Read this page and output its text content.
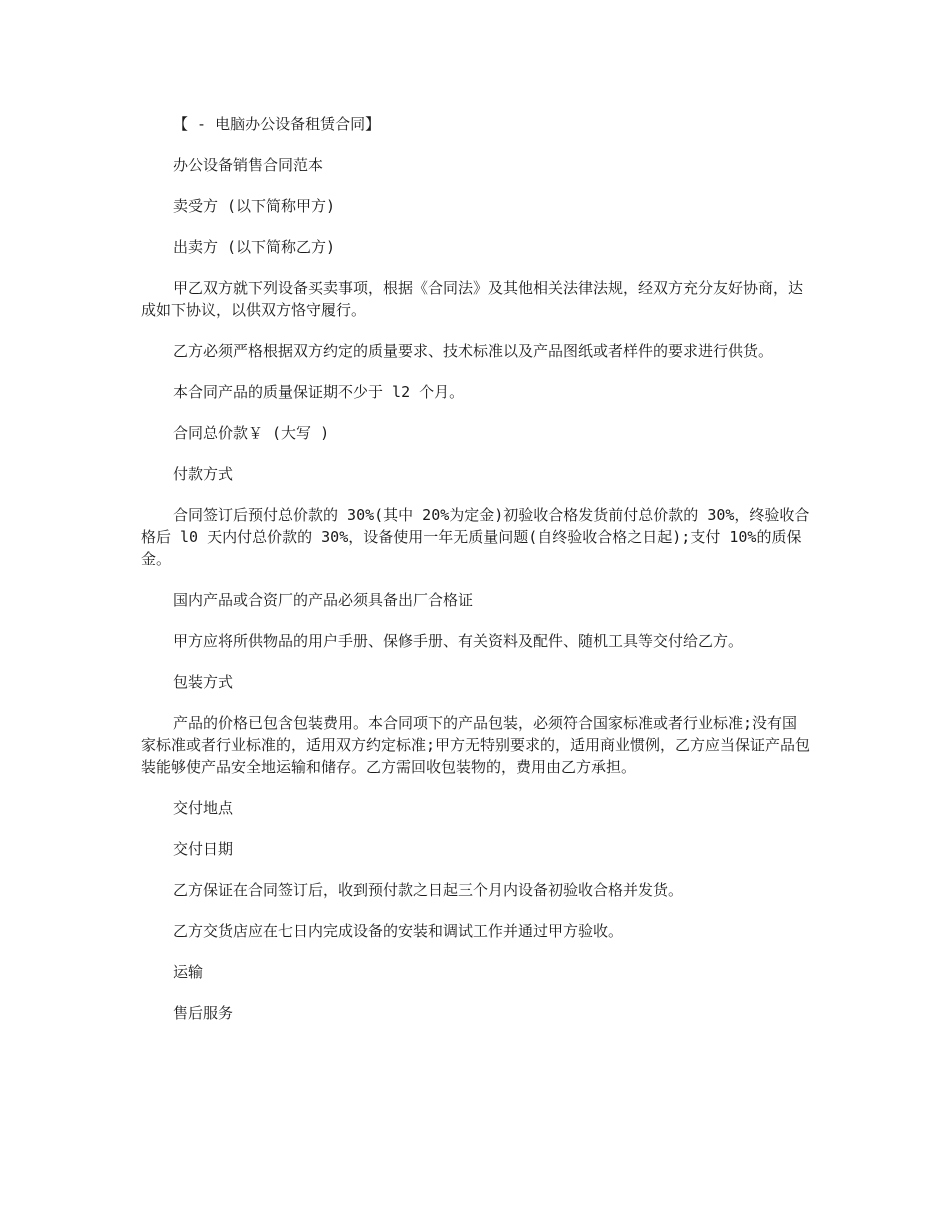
【 - 电脑办公设备租赁合同】

办公设备销售合同范本

卖受方 (以下简称甲方)

出卖方 (以下简称乙方)

甲乙双方就下列设备买卖事项，根据《合同法》及其他相关法律法规，经双方充分友好协商，达成如下协议，以供双方恪守履行。

乙方必须严格根据双方约定的质量要求、技术标准以及产品图纸或者样件的要求进行供货。

本合同产品的质量保证期不少于 l2 个月。

合同总价款￥ (大写 )

付款方式

合同签订后预付总价款的 30%(其中 20%为定金)初验收合格发货前付总价款的 30%，终验收合格后 l0 天内付总价款的 30%，设备使用一年无质量问题(自终验收合格之日起);支付 10%的质保金。

国内产品或合资厂的产品必须具备出厂合格证

甲方应将所供物品的用户手册、保修手册、有关资料及配件、随机工具等交付给乙方。

包装方式

产品的价格已包含包装费用。本合同项下的产品包装，必须符合国家标准或者行业标准;没有国家标准或者行业标准的，适用双方约定标准;甲方无特别要求的，适用商业惯例，乙方应当保证产品包装能够使产品安全地运输和储存。乙方需回收包装物的，费用由乙方承担。

交付地点

交付日期

乙方保证在合同签订后，收到预付款之日起三个月内设备初验收合格并发货。

乙方交货店应在七日内完成设备的安装和调试工作并通过甲方验收。

运输

售后服务
